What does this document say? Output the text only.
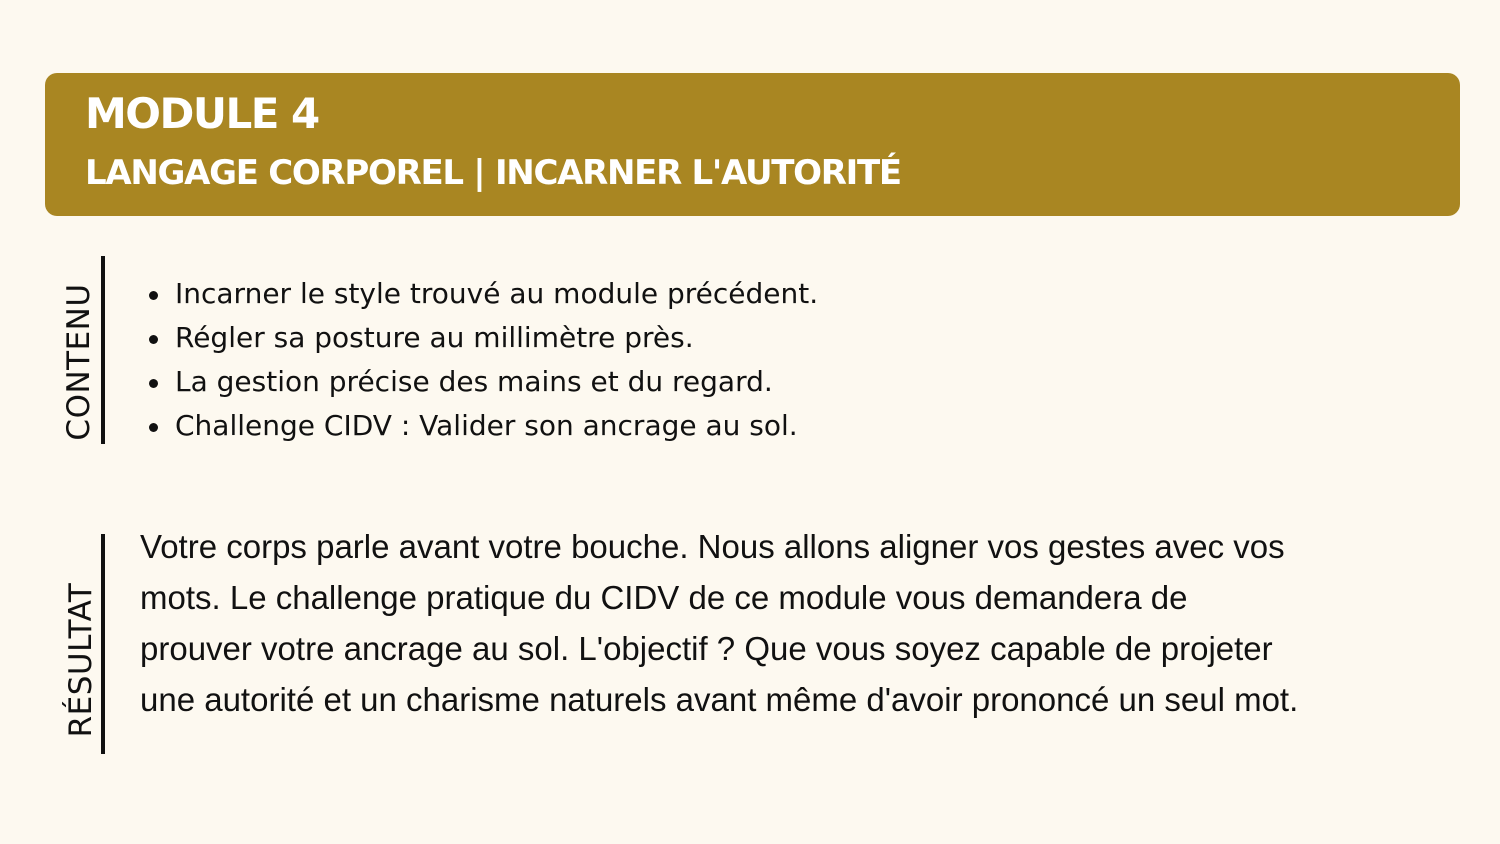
MODULE 4
LANGAGE CORPOREL | INCARNER L'AUTORITÉ
CONTENU	Incarner le style trouvé au module précédent.
Régler sa posture au millimètre près.
La gestion précise des mains et du regard.
Challenge CIDV : Valider son ancrage au sol.
RÉSULTAT

Votre corps parle avant votre bouche. Nous allons aligner vos gestes avec vos mots. Le challenge pratique du CIDV de ce module vous demandera de prouver votre ancrage au sol. L'objectif ? Que vous soyez capable de projeter une autorité et un charisme naturels avant même d'avoir prononcé un seul mot.
